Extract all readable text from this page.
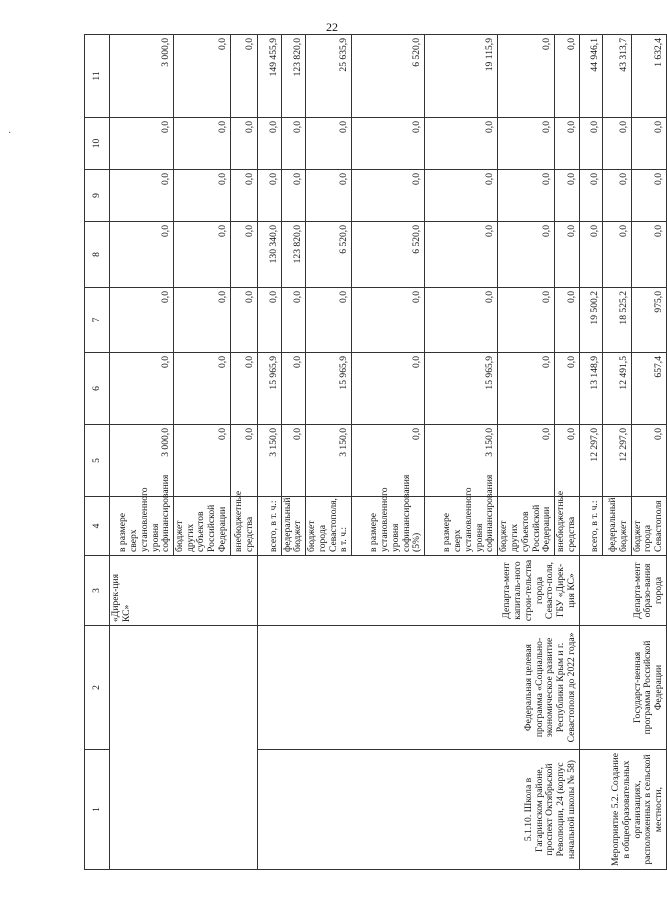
22
·
1	2	3	4	5	6	7	8	9	10	11
		«Дирек-ция КС»	в размере сверх установленного уровня софинансирования	3 000,0	0,0	0,0	0,0	0,0	0,0	3 000,0
			бюджет других субъектов Российской Федерации	0,0	0,0	0,0	0,0	0,0	0,0	0,0
			внебюджетные средства	0,0	0,0	0,0	0,0	0,0	0,0	0,0
5.1.10. Школа в Гагаринском районе, проспект Октябрьской Революции, 24 (корпус начальной школы № 58)	Федеральная целевая программа «Социально-экономическое развитие Республики Крым и г. Севастополя до 2022 года»	Департа-мент капиталь-ного строи-тельства города Севасто-поля, ГБУ «Дирек-ция КС»	всего, в т. ч.:	3 150,0	15 965,9	0,0	130 340,0	0,0	0,0	149 455,9
			федеральный бюджет	0,0	0,0	0,0	123 820,0	0,0	0,0	123 820,0
			бюджет города Севастополя, в т. ч.:	3 150,0	15 965,9	0,0	6 520,0	0,0	0,0	25 635,9
			в размере установленного уровня софинансирования (5%)	0,0	0,0	0,0	6 520,0	0,0	0,0	6 520,0
			в размере сверх установленного уровня софинансирования	3 150,0	15 965,9	0,0	0,0	0,0	0,0	19 115,9
			бюджет других субъектов Российской Федерации	0,0	0,0	0,0	0,0	0,0	0,0	0,0
			внебюджетные средства	0,0	0,0	0,0	0,0	0,0	0,0	0,0
Мероприятие 5.2. Создание в общеобразовательных организациях, расположенных в сельской местности,	Государст-венная программа Российской Федерации	Департа-мент образо-вания города	всего, в т. ч.:	12 297,0	13 148,9	19 500,2	0,0	0,0	0,0	44 946,1
			федеральный бюджет	12 297,0	12 491,5	18 525,2	0,0	0,0	0,0	43 313,7
			бюджет города Севастополя	0,0	657,4	975,0	0,0	0,0	0,0	1 632,4
